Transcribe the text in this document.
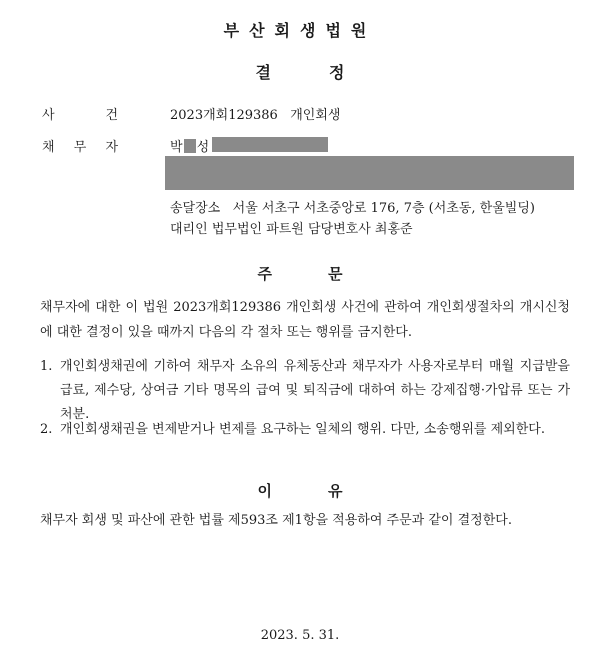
부산회생법원
결정
사	건	2023개회129386 개인회생
채 무 자	박 성
송달장소 서울 서초구 서초중앙로 176, 7층 (서초동, 한울빌딩)
대리인 법무법인 파트원 담당변호사 최홍준
주문
채무자에 대한 이 법원 2023개회129386 개인회생 사건에 관하여 개인회생절차의 개시신청에 대한 결정이 있을 때까지 다음의 각 절차 또는 행위를 금지한다.
1. 개인회생채권에 기하여 채무자 소유의 유체동산과 채무자가 사용자로부터 매월 지급받을 급료, 제수당, 상여금 기타 명목의 급여 및 퇴직금에 대하여 하는 강제집행·가압류 또는 가처분.
2. 개인회생채권을 변제받거나 변제를 요구하는 일체의 행위. 다만, 소송행위를 제외한다.
이유
채무자 회생 및 파산에 관한 법률 제593조 제1항을 적용하여 주문과 같이 결정한다.
2023. 5. 31.
